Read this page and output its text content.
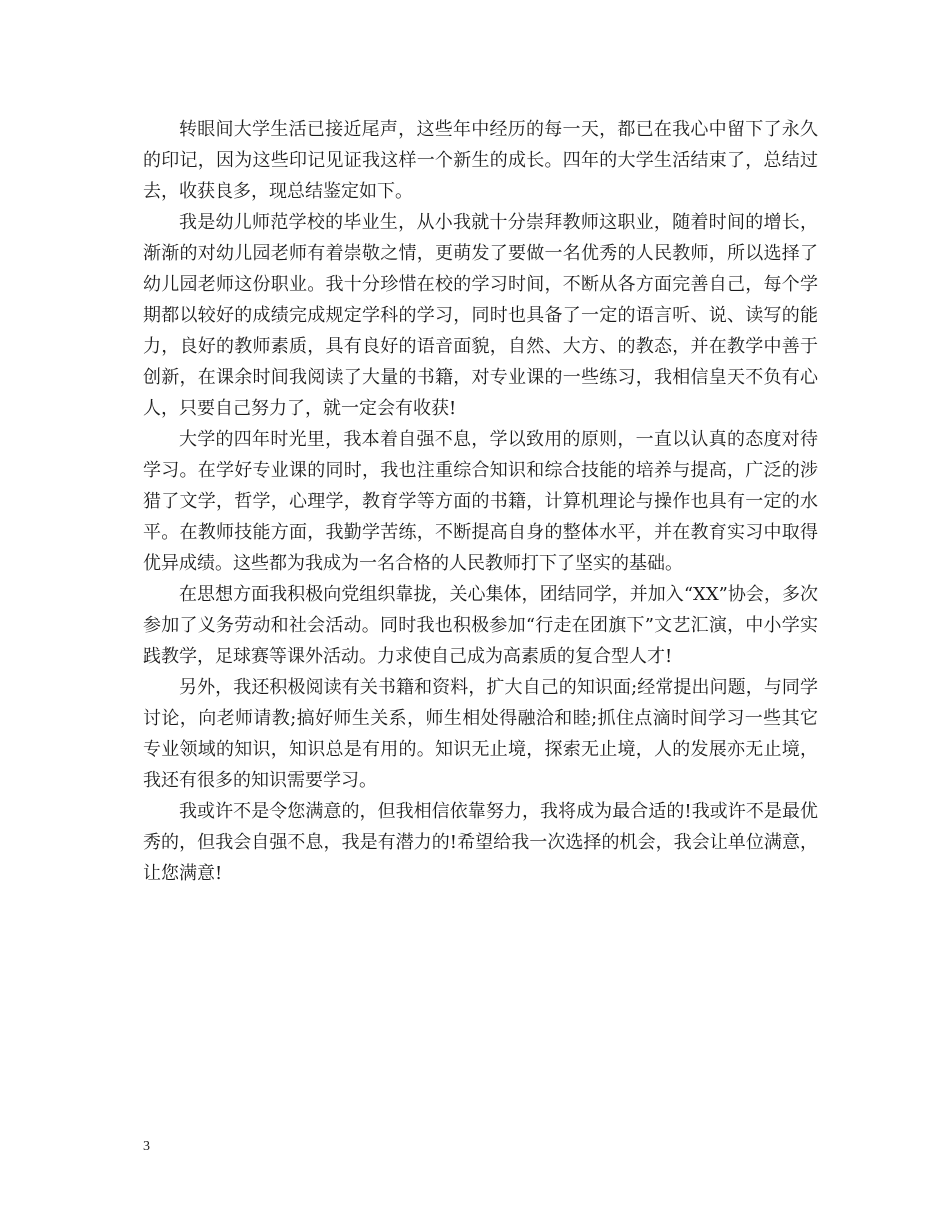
转眼间大学生活已接近尾声，这些年中经历的每一天，都已在我心中留下了永久的印记，因为这些印记见证我这样一个新生的成长。四年的大学生活结束了，总结过去，收获良多，现总结鉴定如下。

我是幼儿师范学校的毕业生，从小我就十分崇拜教师这职业，随着时间的增长，渐渐的对幼儿园老师有着崇敬之情，更萌发了要做一名优秀的人民教师，所以选择了幼儿园老师这份职业。我十分珍惜在校的学习时间，不断从各方面完善自己，每个学期都以较好的成绩完成规定学科的学习，同时也具备了一定的语言听、说、读写的能力，良好的教师素质，具有良好的语音面貌，自然、大方、的教态，并在教学中善于创新，在课余时间我阅读了大量的书籍，对专业课的一些练习，我相信皇天不负有心人，只要自己努力了，就一定会有收获!

大学的四年时光里，我本着自强不息，学以致用的原则，一直以认真的态度对待学习。在学好专业课的同时，我也注重综合知识和综合技能的培养与提高，广泛的涉猎了文学，哲学，心理学，教育学等方面的书籍，计算机理论与操作也具有一定的水平。在教师技能方面，我勤学苦练，不断提高自身的整体水平，并在教育实习中取得优异成绩。这些都为我成为一名合格的人民教师打下了坚实的基础。

在思想方面我积极向党组织靠拢，关心集体，团结同学，并加入“XX”协会，多次参加了义务劳动和社会活动。同时我也积极参加“行走在团旗下”文艺汇演，中小学实践教学，足球赛等课外活动。力求使自己成为高素质的复合型人才!

另外，我还积极阅读有关书籍和资料，扩大自己的知识面;经常提出问题，与同学讨论，向老师请教;搞好师生关系，师生相处得融洽和睦;抓住点滴时间学习一些其它专业领域的知识，知识总是有用的。知识无止境，探索无止境，人的发展亦无止境，我还有很多的知识需要学习。

我或许不是令您满意的，但我相信依靠努力，我将成为最合适的!我或许不是最优秀的，但我会自强不息，我是有潜力的!希望给我一次选择的机会，我会让单位满意，让您满意!

3
